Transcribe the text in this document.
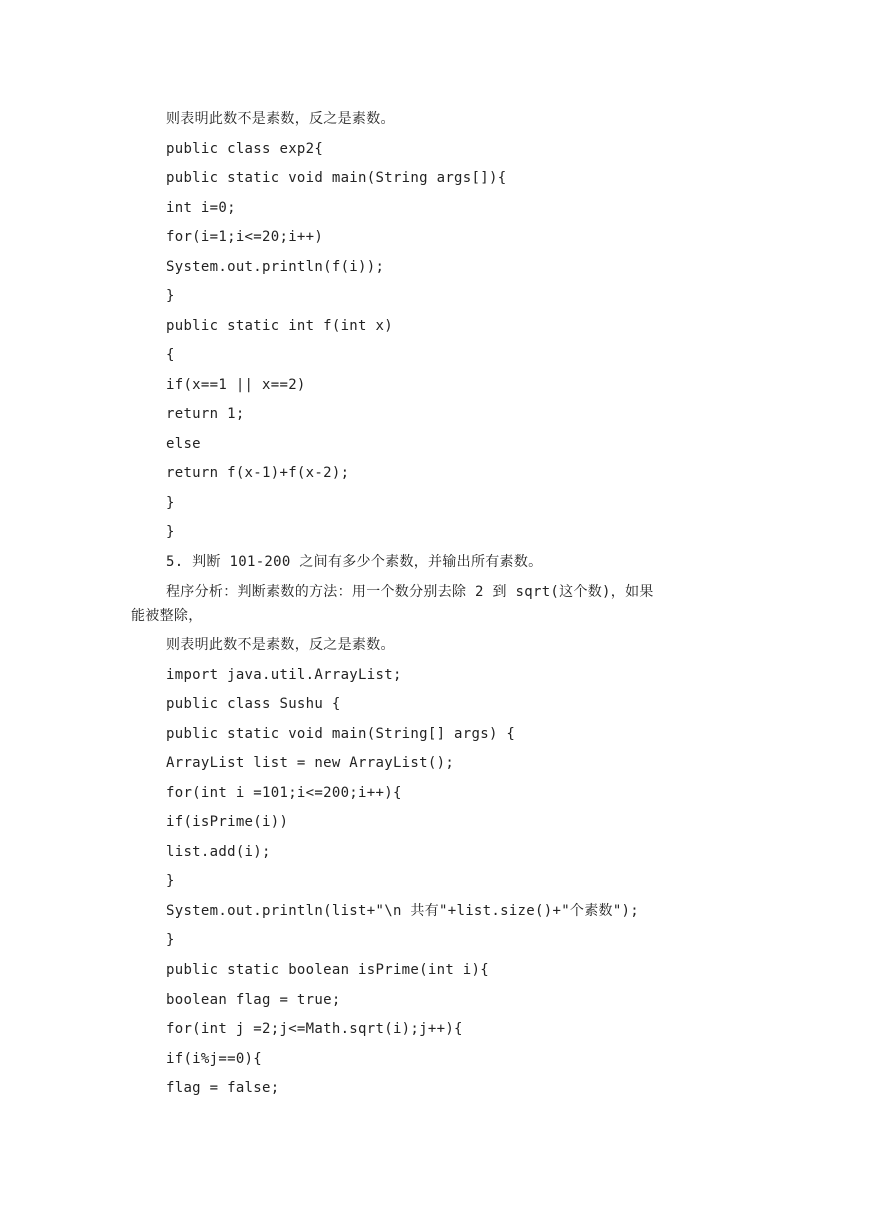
则表明此数不是素数，反之是素数。
public class exp2{
public static void main(String args[]){
int i=0;
for(i=1;i<=20;i++)
System.out.println(f(i));
}
public static int f(int x)
{
if(x==1 || x==2)
return 1;
else
return f(x-1)+f(x-2);
}
}
5. 判断 101-200 之间有多少个素数，并输出所有素数。
程序分析：判断素数的方法：用一个数分别去除 2 到 sqrt(这个数)，如果
能被整除，
则表明此数不是素数，反之是素数。
import java.util.ArrayList;
public class Sushu {
public static void main(String[] args) {
ArrayList list = new ArrayList();
for(int i =101;i<=200;i++){
if(isPrime(i))
list.add(i);
}
System.out.println(list+"\n 共有"+list.size()+"个素数");
}
public static boolean isPrime(int i){
boolean flag = true;
for(int j =2;j<=Math.sqrt(i);j++){
if(i%j==0){
flag = false;
